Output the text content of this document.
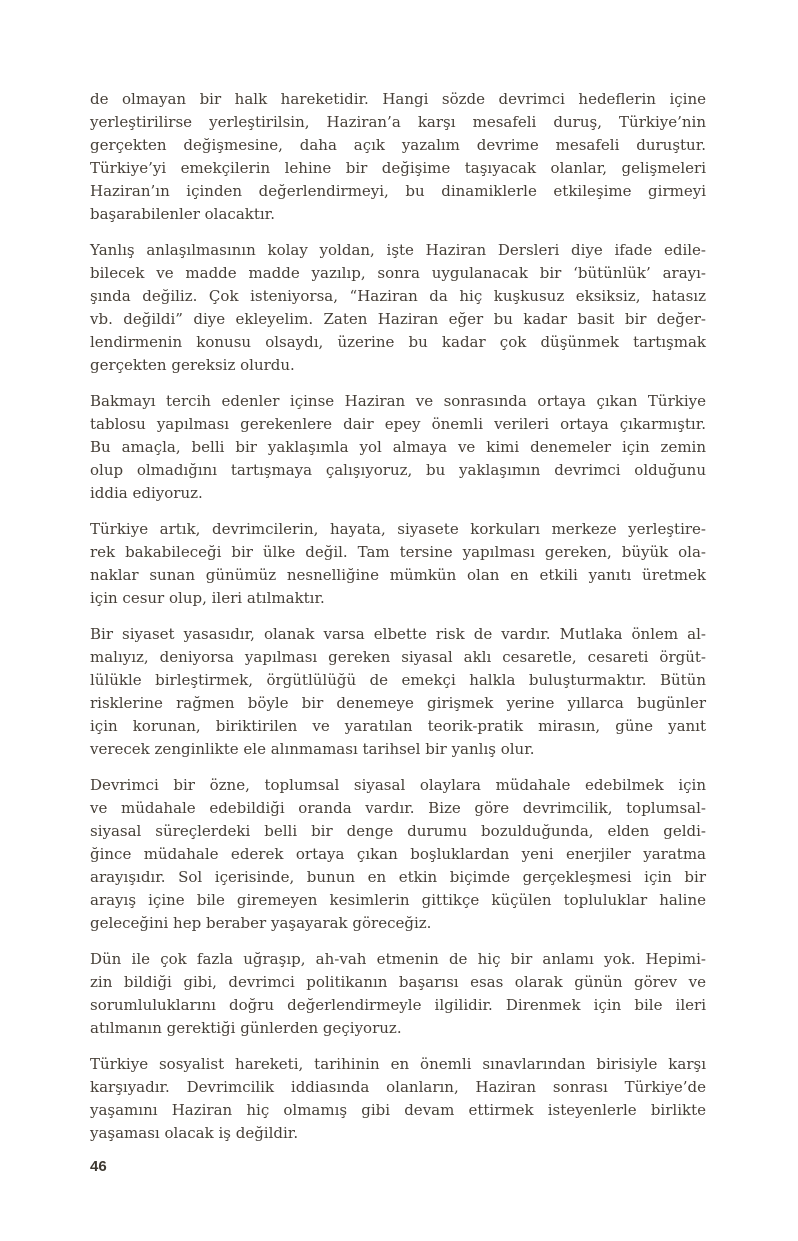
de olmayan bir halk hareketidir. Hangi sözde devrimci hedeflerin içine
yerleştirilirse yerleştirilsin, Haziran’a karşı mesafeli duruş, Türkiye’nin
gerçekten değişmesine, daha açık yazalım devrime mesafeli duruştur.
Türkiye’yi emekçilerin lehine bir değişime taşıyacak olanlar, gelişmeleri
Haziran’ın içinden değerlendirmeyi, bu dinamiklerle etkileşime girmeyi
başarabilenler olacaktır.
Yanlış anlaşılmasının kolay yoldan, işte Haziran Dersleri diye ifade edile-
bilecek ve madde madde yazılıp, sonra uygulanacak bir ‘bütünlük’ arayı-
şında değiliz. Çok isteniyorsa, “Haziran da hiç kuşkusuz eksiksiz, hatasız
vb. değildi” diye ekleyelim. Zaten Haziran eğer bu kadar basit bir değer-
lendirmenin konusu olsaydı, üzerine bu kadar çok düşünmek tartışmak
gerçekten gereksiz olurdu.
Bakmayı tercih edenler içinse Haziran ve sonrasında ortaya çıkan Türkiye
tablosu yapılması gerekenlere dair epey önemli verileri ortaya çıkarmıştır.
Bu amaçla, belli bir yaklaşımla yol almaya ve kimi denemeler için zemin
olup olmadığını tartışmaya çalışıyoruz, bu yaklaşımın devrimci olduğunu
iddia ediyoruz.
Türkiye artık, devrimcilerin, hayata, siyasete korkuları merkeze yerleştire-
rek bakabileceği bir ülke değil. Tam tersine yapılması gereken, büyük ola-
naklar sunan günümüz nesnelliğine mümkün olan en etkili yanıtı üretmek
için cesur olup, ileri atılmaktır.
Bir siyaset yasasıdır, olanak varsa elbette risk de vardır. Mutlaka önlem al-
malıyız, deniyorsa yapılması gereken siyasal aklı cesaretle, cesareti örgüt-
lülükle birleştirmek, örgütlülüğü de emekçi halkla buluşturmaktır. Bütün
risklerine rağmen böyle bir denemeye girişmek yerine yıllarca bugünler
için korunan, biriktirilen ve yaratılan teorik-pratik mirasın, güne yanıt
verecek zenginlikte ele alınmaması tarihsel bir yanlış olur.
Devrimci bir özne, toplumsal siyasal olaylara müdahale edebilmek için
ve müdahale edebildiği oranda vardır. Bize göre devrimcilik, toplumsal-
siyasal süreçlerdeki belli bir denge durumu bozulduğunda, elden geldi-
ğince müdahale ederek ortaya çıkan boşluklardan yeni enerjiler yaratma
arayışıdır. Sol içerisinde, bunun en etkin biçimde gerçekleşmesi için bir
arayış içine bile giremeyen kesimlerin gittikçe küçülen topluluklar haline
geleceğini hep beraber yaşayarak göreceğiz.
Dün ile çok fazla uğraşıp, ah-vah etmenin de hiç bir anlamı yok. Hepimi-
zin bildiği gibi, devrimci politikanın başarısı esas olarak günün görev ve
sorumluluklarını doğru değerlendirmeyle ilgilidir. Direnmek için bile ileri
atılmanın gerektiği günlerden geçiyoruz.
Türkiye sosyalist hareketi, tarihinin en önemli sınavlarından birisiyle karşı
karşıyadır. Devrimcilik iddiasında olanların, Haziran sonrası Türkiye’de
yaşamını Haziran hiç olmamış gibi devam ettirmek isteyenlerle birlikte
yaşaması olacak iş değildir.
46
